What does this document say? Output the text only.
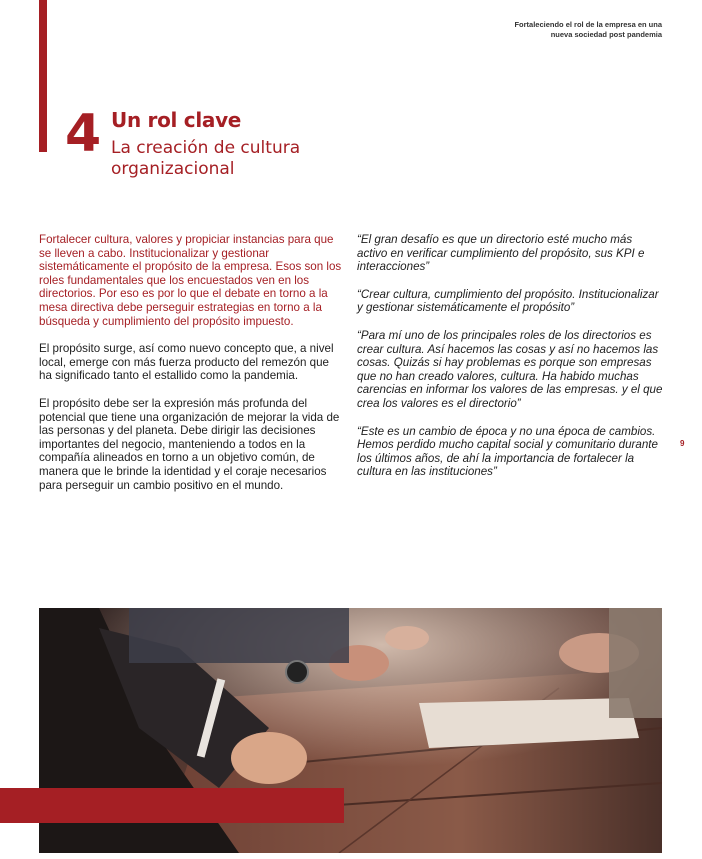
Fortaleciendo el rol de la empresa en una
nueva sociedad post pandemia
4 Un rol clave
La creación de cultura organizacional

Fortalecer cultura, valores y propiciar instancias para que se lleven a cabo. Institucionalizar y gestionar sistemáticamente el propósito de la empresa. Esos son los roles fundamentales que los encuestados ven en los directorios. Por eso es por lo que el debate en torno a la mesa directiva debe perseguir estrategias en torno a la búsqueda y cumplimiento del propósito impuesto.

El propósito surge, así como nuevo concepto que, a nivel local, emerge con más fuerza producto del remezón que ha significado tanto el estallido como la pandemia.

El propósito debe ser la expresión más profunda del potencial que tiene una organización de mejorar la vida de las personas y del planeta. Debe dirigir las decisiones importantes del negocio, manteniendo a todos en la compañía alineados en torno a un objetivo común, de manera que le brinde la identidad y el coraje necesarios para perseguir un cambio positivo en el mundo.

“El gran desafío es que un directorio esté mucho más activo en verificar cumplimiento del propósito, sus KPI e interacciones”

“Crear cultura, cumplimiento del propósito. Institucionalizar y gestionar sistemáticamente el propósito”

“Para mí uno de los principales roles de los directorios es crear cultura. Así hacemos las cosas y así no hacemos las cosas. Quizás si hay problemas es porque son empresas que no han creado valores, cultura. Ha habido muchas carencias en informar los valores de las empresas. y el que crea los valores es el directorio”

“Este es un cambio de época y no una época de cambios. Hemos perdido mucho capital social y comunitario durante los últimos años, de ahí la importancia de fortalecer la cultura en las instituciones”

9
